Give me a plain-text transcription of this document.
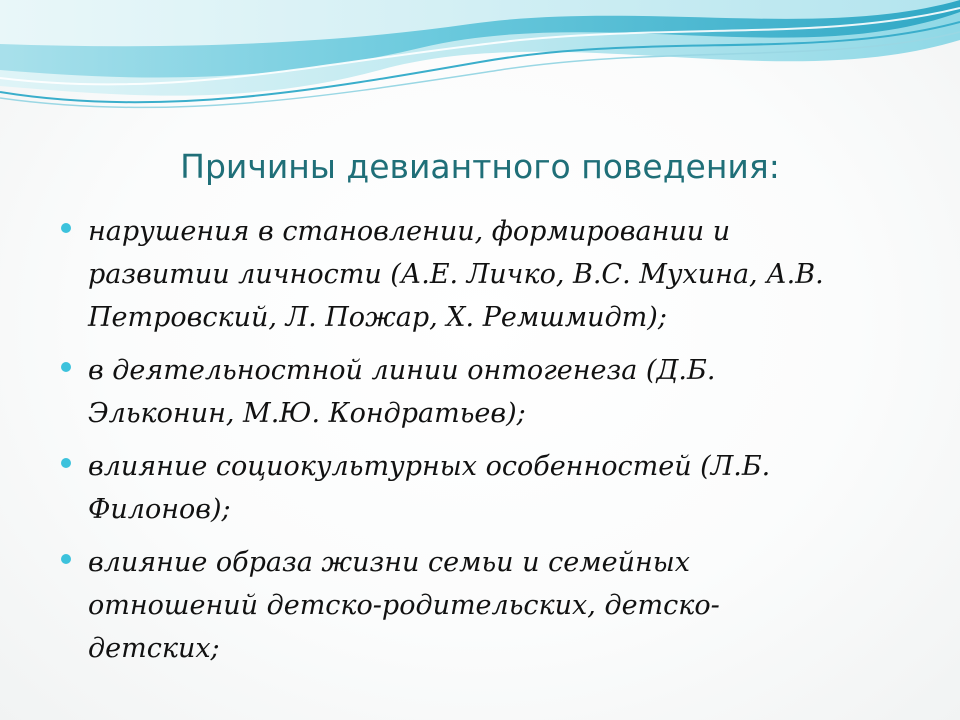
Причины девиантного поведения:
нарушения в становлении, формировании и
развитии личности (А.Е. Личко, В.С. Мухина, А.В.
Петровский, Л. Пожар, Х. Ремшмидт);
в деятельностной линии онтогенеза (Д.Б.
Эльконин, М.Ю. Кондратьев);
влияние социокультурных особенностей (Л.Б.
Филонов);
влияние образа жизни семьи и семейных
отношений детско-родительских, детско-
детских;
